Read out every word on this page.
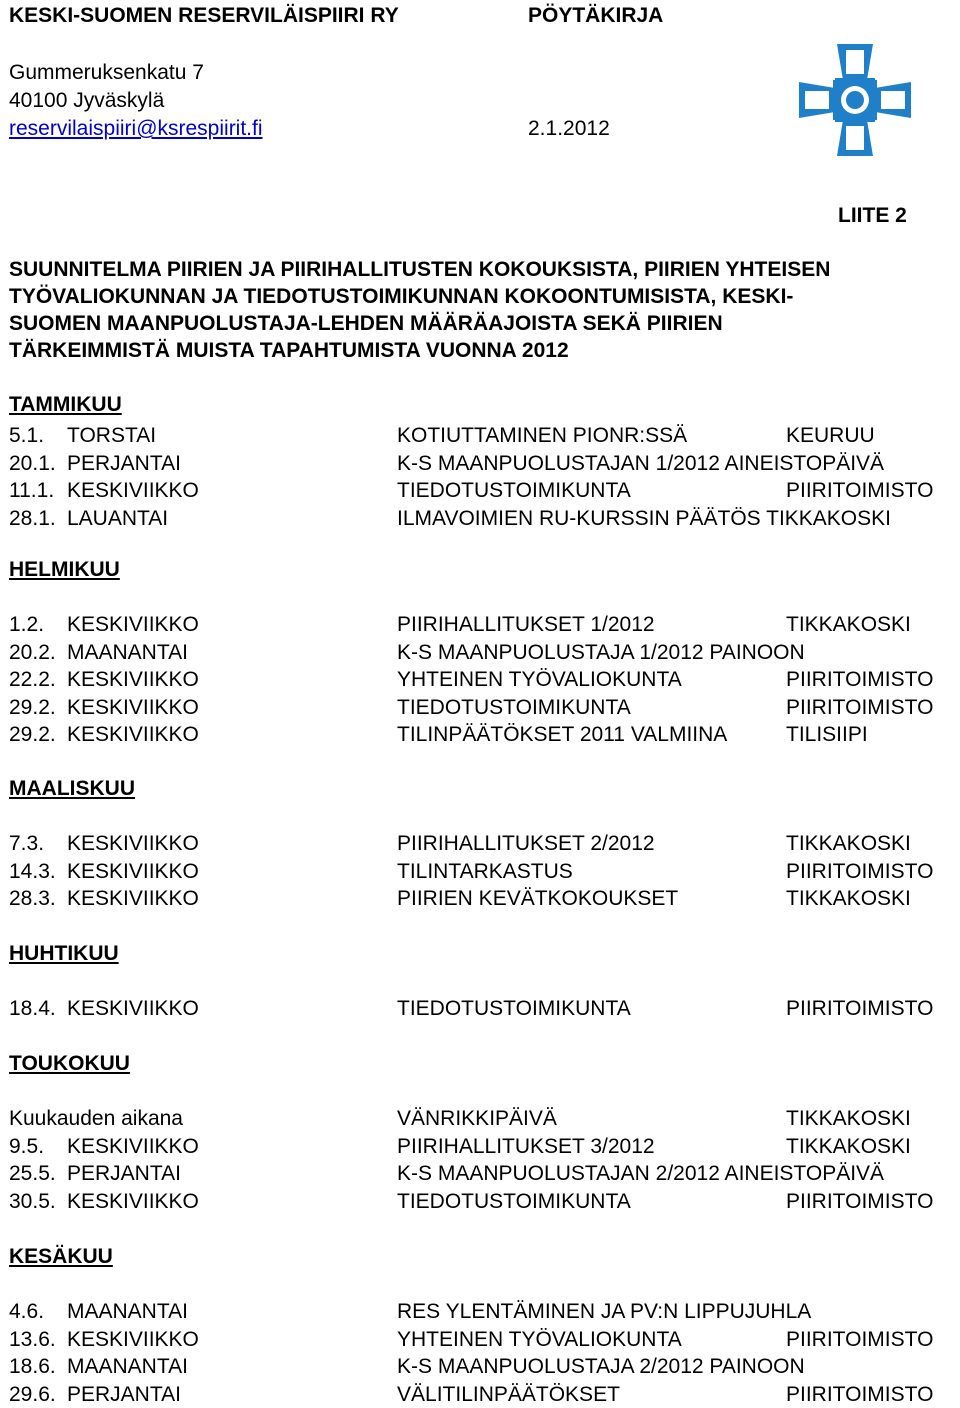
KESKI-SUOMEN RESERVILÄISPIIRI RY	PÖYTÄKIRJA
Gummeruksenkatu 7
40100 Jyväskylä
reservilaispiiri@ksrespiirit.fi	2.1.2012
LIITE 2
SUUNNITELMA PIIRIEN JA PIIRIHALLITUSTEN KOKOUKSISTA, PIIRIEN YHTEISEN
TYÖVALIOKUNNAN JA TIEDOTUSTOIMIKUNNAN KOKOONTUMISISTA, KESKI-
SUOMEN MAANPUOLUSTAJA-LEHDEN MÄÄRÄAJOISTA SEKÄ PIIRIEN
TÄRKEIMMISTÄ MUISTA TAPAHTUMISTA VUONNA 2012
TAMMIKUU
5.1. TORSTAI	KOTIUTTAMINEN PIONR:SSÄ	KEURUU
20.1. PERJANTAI	K-S MAANPUOLUSTAJAN 1/2012 AINEISTOPÄIVÄ
11.1. KESKIVIIKKO	TIEDOTUSTOIMIKUNTA	PIIRITOIMISTO
28.1. LAUANTAI	ILMAVOIMIEN RU-KURSSIN PÄÄTÖS TIKKAKOSKI
HELMIKUU
1.2. KESKIVIIKKO	PIIRIHALLITUKSET 1/2012	TIKKAKOSKI
20.2. MAANANTAI	K-S MAANPUOLUSTAJA 1/2012 PAINOON
22.2. KESKIVIIKKO	YHTEINEN TYÖVALIOKUNTA	PIIRITOIMISTO
29.2. KESKIVIIKKO	TIEDOTUSTOIMIKUNTA	PIIRITOIMISTO
29.2. KESKIVIIKKO	TILINPÄÄTÖKSET 2011 VALMIINA	TILISIIPI
MAALISKUU
7.3. KESKIVIIKKO	PIIRIHALLITUKSET 2/2012	TIKKAKOSKI
14.3. KESKIVIIKKO	TILINTARKASTUS	PIIRITOIMISTO
28.3. KESKIVIIKKO	PIIRIEN KEVÄTKOKOUKSET	TIKKAKOSKI
HUHTIKUU
18.4. KESKIVIIKKO	TIEDOTUSTOIMIKUNTA	PIIRITOIMISTO
TOUKOKUU
Kuukauden aikana	VÄNRIKKIPÄIVÄ	TIKKAKOSKI
9.5. KESKIVIIKKO	PIIRIHALLITUKSET 3/2012	TIKKAKOSKI
25.5. PERJANTAI	K-S MAANPUOLUSTAJAN 2/2012 AINEISTOPÄIVÄ
30.5. KESKIVIIKKO	TIEDOTUSTOIMIKUNTA	PIIRITOIMISTO
KESÄKUU
4.6. MAANANTAI	RES YLENTÄMINEN JA PV:N LIPPUJUHLA
13.6. KESKIVIIKKO	YHTEINEN TYÖVALIOKUNTA	PIIRITOIMISTO
18.6. MAANANTAI	K-S MAANPUOLUSTAJA 2/2012 PAINOON
29.6. PERJANTAI	VÄLITILINPÄÄTÖKSET	PIIRITOIMISTO
